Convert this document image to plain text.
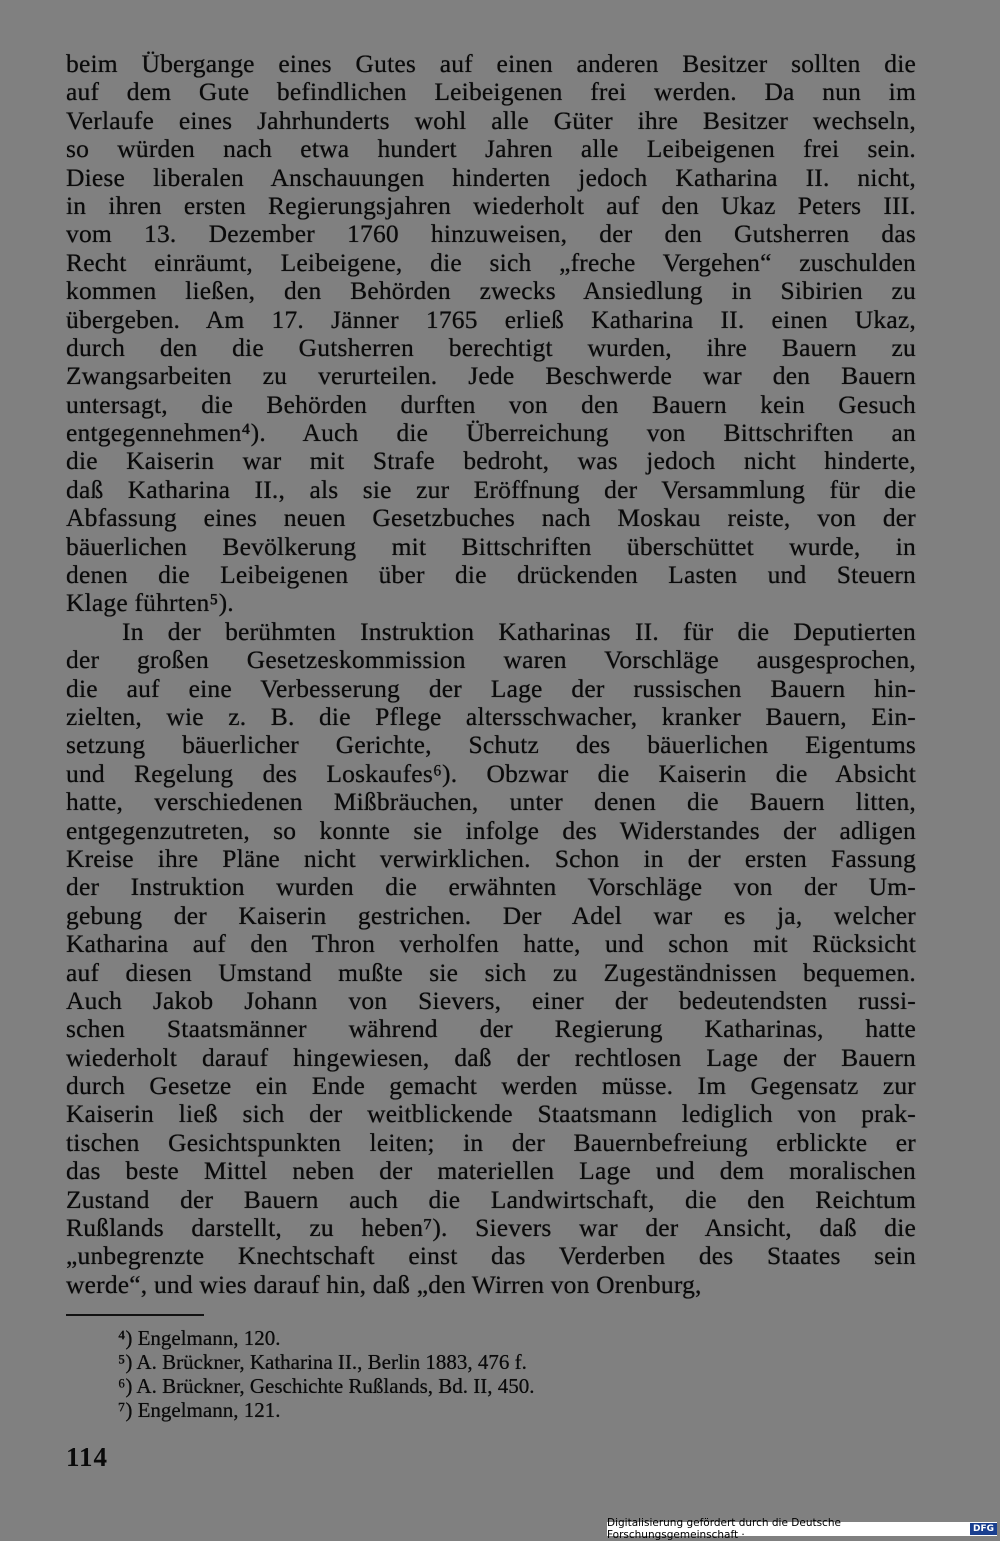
beim Übergange eines Gutes auf einen anderen Besitzer sollten die
auf dem Gute befindlichen Leibeigenen frei werden. Da nun im
Verlaufe eines Jahrhunderts wohl alle Güter ihre Besitzer wechseln,
so würden nach etwa hundert Jahren alle Leibeigenen frei sein.
Diese liberalen Anschauungen hinderten jedoch Katharina II. nicht,
in ihren ersten Regierungsjahren wiederholt auf den Ukaz Peters III.
vom 13. Dezember 1760 hinzuweisen, der den Gutsherren das
Recht einräumt, Leibeigene, die sich „freche Vergehen“ zuschulden
kommen ließen, den Behörden zwecks Ansiedlung in Sibirien zu
übergeben. Am 17. Jänner 1765 erließ Katharina II. einen Ukaz,
durch den die Gutsherren berechtigt wurden, ihre Bauern zu
Zwangsarbeiten zu verurteilen. Jede Beschwerde war den Bauern
untersagt, die Behörden durften von den Bauern kein Gesuch
entgegennehmen⁴). Auch die Überreichung von Bittschriften an
die Kaiserin war mit Strafe bedroht, was jedoch nicht hinderte,
daß Katharina II., als sie zur Eröffnung der Versammlung für die
Abfassung eines neuen Gesetzbuches nach Moskau reiste, von der
bäuerlichen Bevölkerung mit Bittschriften überschüttet wurde, in
denen die Leibeigenen über die drückenden Lasten und Steuern
Klage führten⁵).
In der berühmten Instruktion Katharinas II. für die Deputierten
der großen Gesetzeskommission waren Vorschläge ausgesprochen,
die auf eine Verbesserung der Lage der russischen Bauern hin-
zielten, wie z. B. die Pflege altersschwacher, kranker Bauern, Ein-
setzung bäuerlicher Gerichte, Schutz des bäuerlichen Eigentums
und Regelung des Loskaufes⁶). Obzwar die Kaiserin die Absicht
hatte, verschiedenen Mißbräuchen, unter denen die Bauern litten,
entgegenzutreten, so konnte sie infolge des Widerstandes der adligen
Kreise ihre Pläne nicht verwirklichen. Schon in der ersten Fassung
der Instruktion wurden die erwähnten Vorschläge von der Um-
gebung der Kaiserin gestrichen. Der Adel war es ja, welcher
Katharina auf den Thron verholfen hatte, und schon mit Rücksicht
auf diesen Umstand mußte sie sich zu Zugeständnissen bequemen.
Auch Jakob Johann von Sievers, einer der bedeutendsten russi-
schen Staatsmänner während der Regierung Katharinas, hatte
wiederholt darauf hingewiesen, daß der rechtlosen Lage der Bauern
durch Gesetze ein Ende gemacht werden müsse. Im Gegensatz zur
Kaiserin ließ sich der weitblickende Staatsmann lediglich von prak-
tischen Gesichtspunkten leiten; in der Bauernbefreiung erblickte er
das beste Mittel neben der materiellen Lage und dem moralischen
Zustand der Bauern auch die Landwirtschaft, die den Reichtum
Rußlands darstellt, zu heben⁷). Sievers war der Ansicht, daß die
„unbegrenzte Knechtschaft einst das Verderben des Staates sein
werde“, und wies darauf hin, daß „den Wirren von Orenburg,
⁴) Engelmann, 120.
⁵) A. Brückner, Katharina II., Berlin 1883, 476 f.
⁶) A. Brückner, Geschichte Rußlands, Bd. II, 450.
⁷) Engelmann, 121.
114
Digitalisierung gefördert durch die Deutsche Forschungsgemeinschaft ·	DFG
